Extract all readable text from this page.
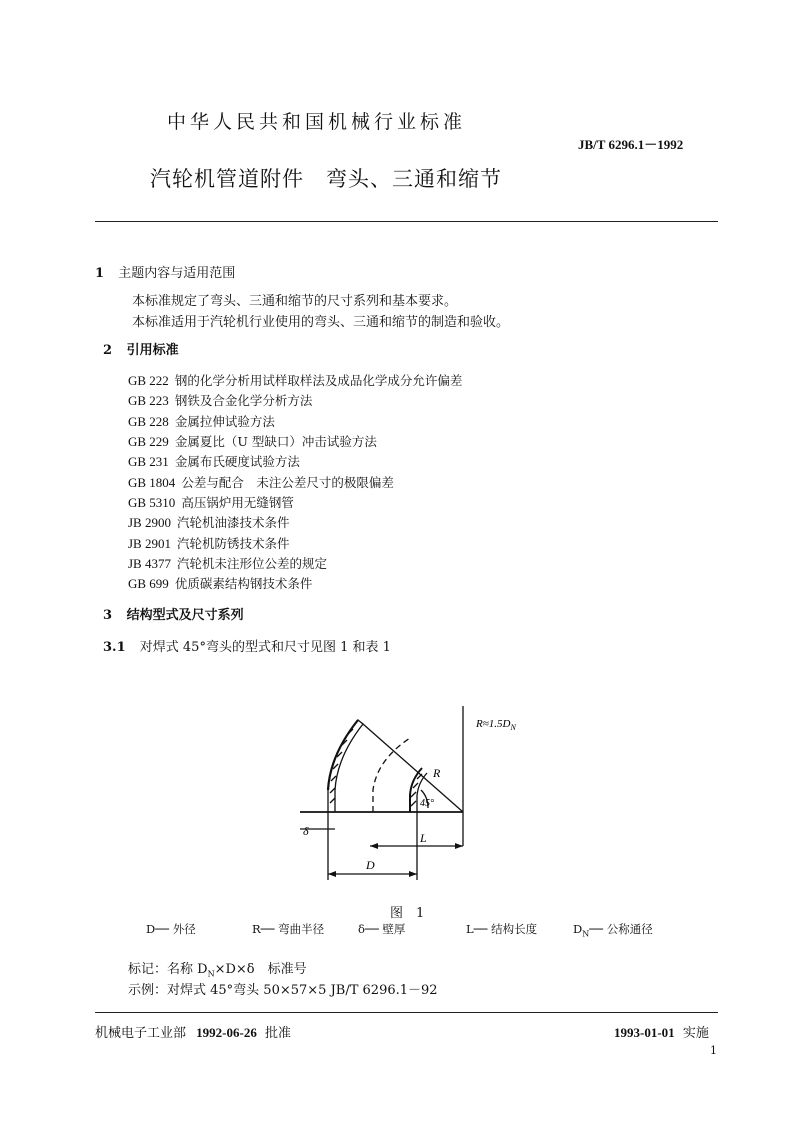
中华人民共和国机械行业标准
JB/T 6296.1－1992
汽轮机管道附件　弯头、三通和缩节
1 主题内容与适用范围
本标准规定了弯头、三通和缩节的尺寸系列和基本要求。
本标准适用于汽轮机行业使用的弯头、三通和缩节的制造和验收。
2 引用标准
GB 222 钢的化学分析用试样取样法及成品化学成分允许偏差
GB 223 钢铁及合金化学分析方法
GB 228 金属拉伸试验方法
GB 229 金属夏比（U 型缺口）冲击试验方法
GB 231 金属布氏硬度试验方法
GB 1804 公差与配合　未注公差尺寸的极限偏差
GB 5310 高压锅炉用无缝钢管
JB 2900 汽轮机油漆技术条件
JB 2901 汽轮机防锈技术条件
JB 4377 汽轮机未注形位公差的规定
GB 699 优质碳素结构钢技术条件
3 结构型式及尺寸系列
3.1 对焊式 45°弯头的型式和尺寸见图 1 和表 1
$R\approx 1.5D_N$
R
45°
δ	L
D
图　1
D── 外径	R── 弯曲半径	δ── 壁厚	L── 结构长度	$D_N──$ 公称通径
标记：名称 $D_N\times D\times\delta$　标准号
示例：对焊式 45°弯头 50×57×5 JB/T 6296.1－92
机械电子工业部 1992-06-26 批准	1993-01-01 实施
1
